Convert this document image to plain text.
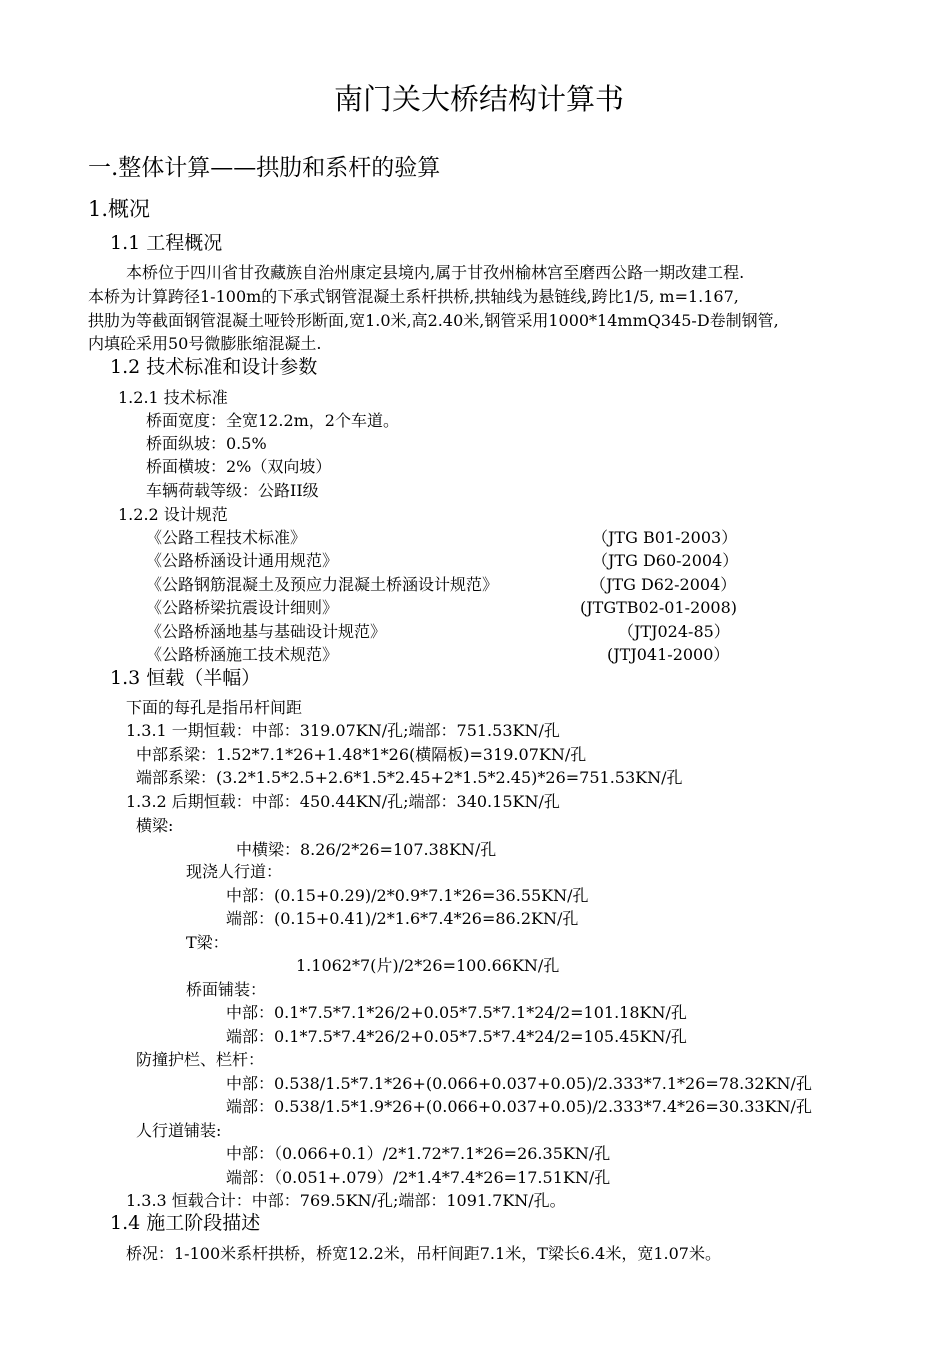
南门关大桥结构计算书
一.整体计算——拱肋和系杆的验算
1.概况
1.1 工程概况
本桥位于四川省甘孜藏族自治州康定县境内,属于甘孜州榆林宫至磨西公路一期改建工程.
本桥为计算跨径1-100m的下承式钢管混凝土系杆拱桥,拱轴线为悬链线,跨比1/5, m=1.167,
拱肋为等截面钢管混凝土哑铃形断面,宽1.0米,高2.40米,钢管采用1000*14mmQ345-D卷制钢管,
内填砼采用50号微膨胀缩混凝土.
1.2 技术标准和设计参数
1.2.1 技术标准
桥面宽度：全宽12.2m，2个车道。
桥面纵坡：0.5%
桥面横坡：2%（双向坡）
车辆荷载等级：公路II级
1.2.2 设计规范
《公路工程技术标准》	（JTG B01-2003）
《公路桥涵设计通用规范》	（JTG D60-2004）
《公路钢筋混凝土及预应力混凝土桥涵设计规范》	（JTG D62-2004）
《公路桥梁抗震设计细则》	(JTGTB02-01-2008)
《公路桥涵地基与基础设计规范》	（JTJ024-85）
《公路桥涵施工技术规范》	(JTJ041-2000）
1.3 恒载（半幅）
下面的每孔是指吊杆间距
1.3.1 一期恒载：中部：319.07KN/孔;端部：751.53KN/孔
中部系梁：1.52*7.1*26+1.48*1*26(横隔板)=319.07KN/孔
端部系梁：(3.2*1.5*2.5+2.6*1.5*2.45+2*1.5*2.45)*26=751.53KN/孔
1.3.2 后期恒载：中部：450.44KN/孔;端部：340.15KN/孔
横梁:
中横梁：8.26/2*26=107.38KN/孔
现浇人行道：
中部：(0.15+0.29)/2*0.9*7.1*26=36.55KN/孔
端部：(0.15+0.41)/2*1.6*7.4*26=86.2KN/孔
T梁：
1.1062*7(片)/2*26=100.66KN/孔
桥面铺装：
中部：0.1*7.5*7.1*26/2+0.05*7.5*7.1*24/2=101.18KN/孔
端部：0.1*7.5*7.4*26/2+0.05*7.5*7.4*24/2=105.45KN/孔
防撞护栏、栏杆：
中部：0.538/1.5*7.1*26+(0.066+0.037+0.05)/2.333*7.1*26=78.32KN/孔
端部：0.538/1.5*1.9*26+(0.066+0.037+0.05)/2.333*7.4*26=30.33KN/孔
人行道铺装:
中部：（0.066+0.1）/2*1.72*7.1*26=26.35KN/孔
端部：（0.051+.079）/2*1.4*7.4*26=17.51KN/孔
1.3.3 恒载合计：中部：769.5KN/孔;端部：1091.7KN/孔。
1.4 施工阶段描述
桥况：1-100米系杆拱桥，桥宽12.2米，吊杆间距7.1米，T梁长6.4米，宽1.07米。
